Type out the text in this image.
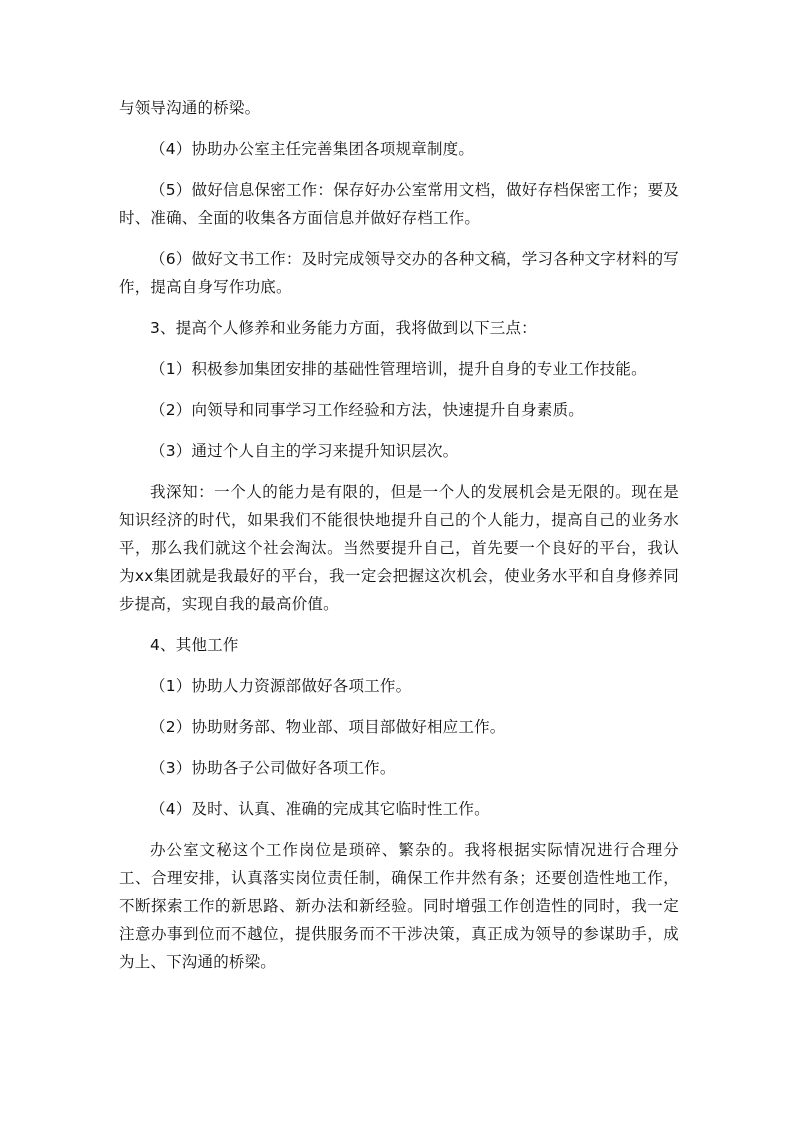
与领导沟通的桥梁。

（4）协助办公室主任完善集团各项规章制度。

（5）做好信息保密工作：保存好办公室常用文档，做好存档保密工作；要及时、准确、全面的收集各方面信息并做好存档工作。

（6）做好文书工作：及时完成领导交办的各种文稿，学习各种文字材料的写作，提高自身写作功底。

3、提高个人修养和业务能力方面，我将做到以下三点：

（1）积极参加集团安排的基础性管理培训，提升自身的专业工作技能。

（2）向领导和同事学习工作经验和方法，快速提升自身素质。

（3）通过个人自主的学习来提升知识层次。

我深知：一个人的能力是有限的，但是一个人的发展机会是无限的。现在是知识经济的时代，如果我们不能很快地提升自己的个人能力，提高自己的业务水平，那么我们就这个社会淘汰。当然要提升自己，首先要一个良好的平台，我认为xx集团就是我最好的平台，我一定会把握这次机会，使业务水平和自身修养同步提高，实现自我的最高价值。

4、其他工作

（1）协助人力资源部做好各项工作。

（2）协助财务部、物业部、项目部做好相应工作。

（3）协助各子公司做好各项工作。

（4）及时、认真、准确的完成其它临时性工作。

办公室文秘这个工作岗位是琐碎、繁杂的。我将根据实际情况进行合理分工、合理安排，认真落实岗位责任制，确保工作井然有条；还要创造性地工作，不断探索工作的新思路、新办法和新经验。同时增强工作创造性的同时，我一定注意办事到位而不越位，提供服务而不干涉决策，真正成为领导的参谋助手，成为上、下沟通的桥梁。
